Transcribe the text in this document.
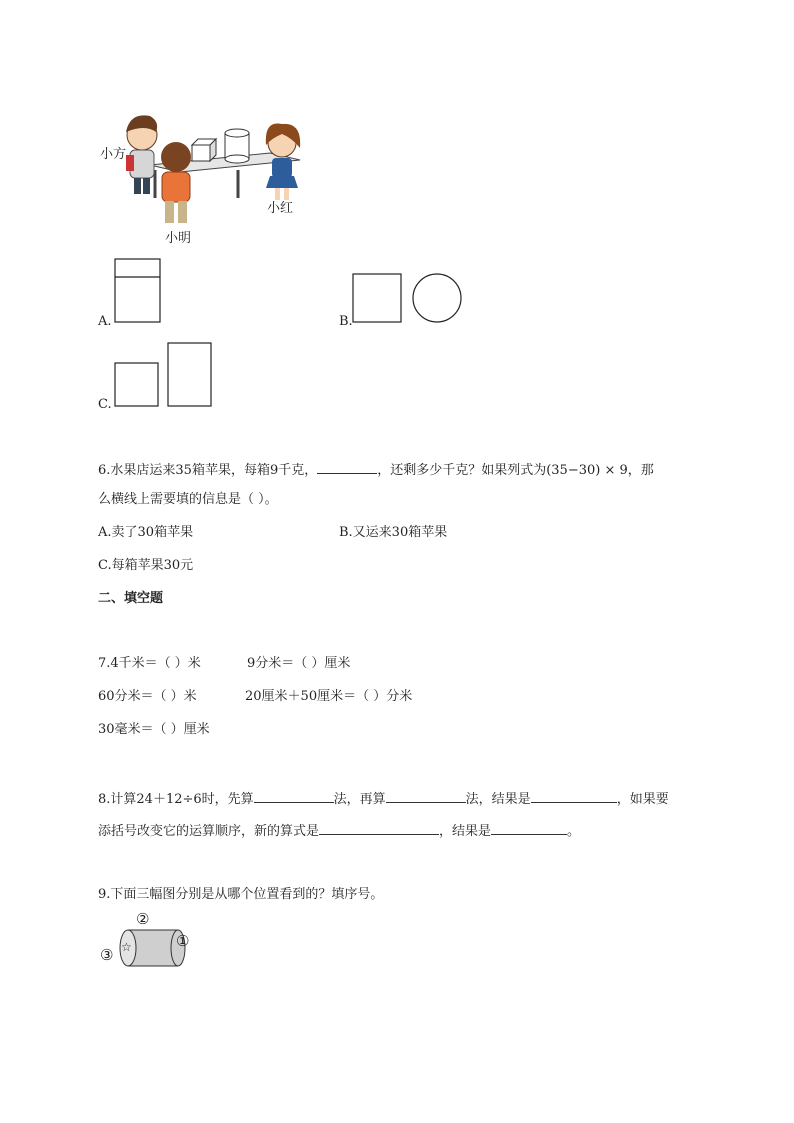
小方
小红
小明
A.	B.
C.
6.水果店运来35箱苹果，每箱9千克，	，还剩多少千克？如果列式为(35−30) × 9，那
么横线上需要填的信息是（ ）。
A.卖了30箱苹果	B.又运来30箱苹果
C.每箱苹果30元
二、填空题
7.4千米＝（ ）米	9分米＝（ ）厘米
60分米＝（ ）米	20厘米＋50厘米＝（ ）分米
30毫米＝（ ）厘米
8.计算24＋12÷6时，先算	法，再算	法，结果是	，如果要
添括号改变它的运算顺序，新的算式是	，结果是	。
9.下面三幅图分别是从哪个位置看到的？填序号。
☆
②
①
③
